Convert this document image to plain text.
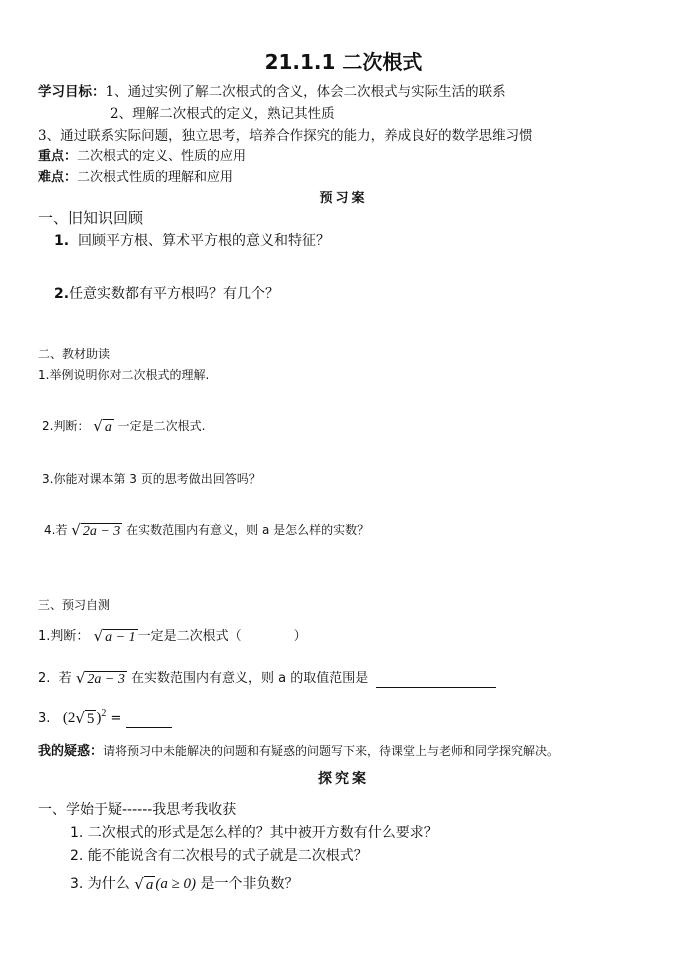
21.1.1 二次根式
学习目标：1、通过实例了解二次根式的含义，体会二次根式与实际生活的联系
2、理解二次根式的定义，熟记其性质
3、通过联系实际问题，独立思考，培养合作探究的能力，养成良好的数学思维习惯
重点：二次根式的定义、性质的应用
难点：二次根式性质的理解和应用
预习案
一、旧知识回顾
1. 回顾平方根、算术平方根的意义和特征？
2.任意实数都有平方根吗？有几个？
二、教材助读
1.举例说明你对二次根式的理解.
2.判断： √ a 一定是二次根式.
3.你能对课本第 3 页的思考做出回答吗？
4.若 √ 2a − 3 在实数范围内有意义，则 a 是怎么样的实数？
三、预习自测
1.判断： √ a − 1 一定是二次根式（	）
2. 若 √ 2a − 3 在实数范围内有意义，则 a 的取值范围是
3. (2√ 5 )$^2$ =
我的疑惑：请将预习中未能解决的问题和有疑惑的问题写下来，待课堂上与老师和同学探究解决。
探究案
一、学始于疑------我思考我收获
1. 二次根式的形式是怎么样的？其中被开方数有什么要求？
2. 能不能说含有二次根号的式子就是二次根式？
3. 为什么 √ a (a ≥ 0) 是一个非负数？
